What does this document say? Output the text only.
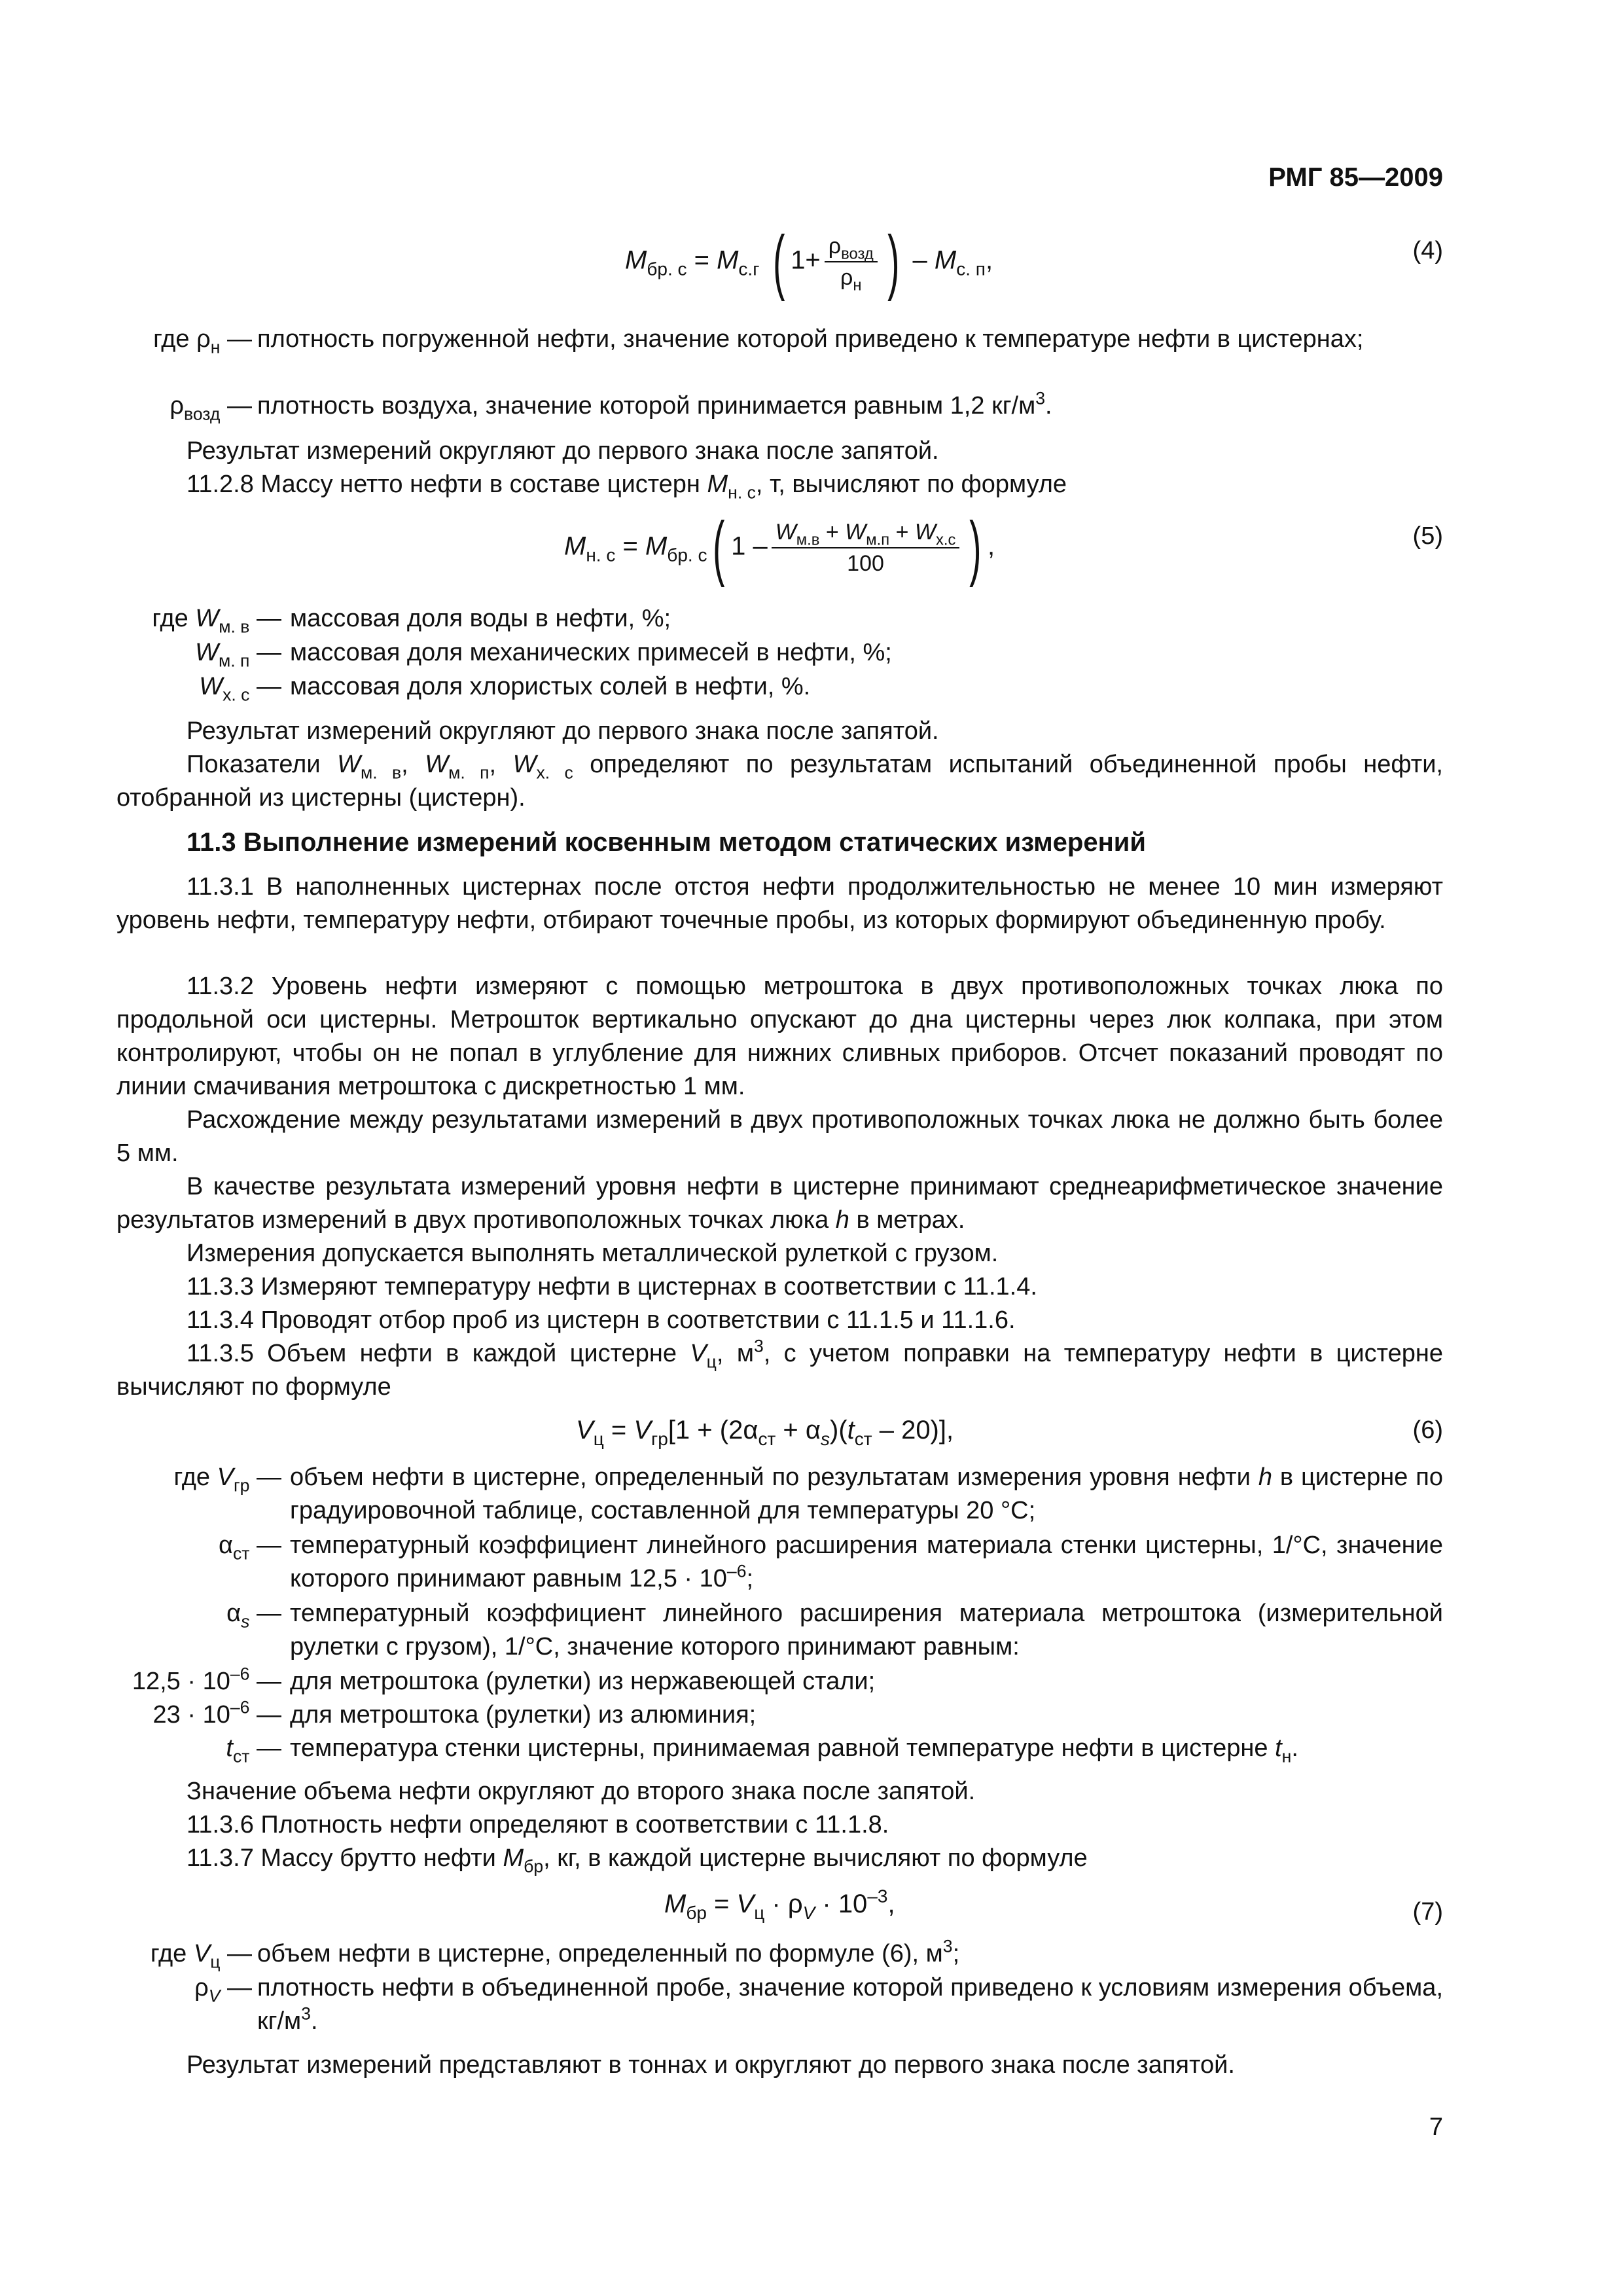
РМГ 85—2009
$M_{бр. с} = M_{с.г}$ ( $1+ \frac{\rho_{возд}}{\rho_н}$ ) – $M_{с. п}$,	(4)
где $\rho_н$ — плотность погруженной нефти, значение которой приведено к температуре нефти в цистернах;
$\rho_{возд}$ — плотность воздуха, значение которой принимается равным 1,2 $кг/м^3$.
Результат измерений округляют до первого знака после запятой.
11.2.8 Массу нетто нефти в составе цистерн $M_{н. с}$, т, вычисляют по формуле
$M_{н. с} = M_{бр. с}$( $1 - \frac{W_{м.в} + W_{м.п} + W_{х.с}}{100}$ ) ,	(5)
где $W_{м. в}$ — массовая доля воды в нефти, %;
$W_{м. п}$ — массовая доля механических примесей в нефти, %;
$W_{х. с}$ — массовая доля хлористых солей в нефти, %.
Результат измерений округляют до первого знака после запятой.
Показатели $W_{м. в}$, $W_{м. п}$, $W_{х. с}$ определяют по результатам испытаний объединенной пробы нефти, отобранной из цистерны (цистерн).
11.3 Выполнение измерений косвенным методом статических измерений
11.3.1 В наполненных цистернах после отстоя нефти продолжительностью не менее 10 мин измеряют уровень нефти, температуру нефти, отбирают точечные пробы, из которых формируют объединенную пробу.
11.3.2 Уровень нефти измеряют с помощью метроштока в двух противоположных точках люка по продольной оси цистерны. Метрошток вертикально опускают до дна цистерны через люк колпака, при этом контролируют, чтобы он не попал в углубление для нижних сливных приборов. Отсчет показаний проводят по линии смачивания метроштока с дискретностью 1 мм.
Расхождение между результатами измерений в двух противоположных точках люка не должно быть более 5 мм.
В качестве результата измерений уровня нефти в цистерне принимают среднеарифметическое значение результатов измерений в двух противоположных точках люка h в метрах.
Измерения допускается выполнять металлической рулеткой с грузом.
11.3.3 Измеряют температуру нефти в цистернах в соответствии с 11.1.4.
11.3.4 Проводят отбор проб из цистерн в соответствии с 11.1.5 и 11.1.6.
11.3.5 Объем нефти в каждой цистерне $V_ц$, $м^3$, с учетом поправки на температуру нефти в цистерне вычисляют по формуле
$V_ц = V_{гр}[1 + (2\alpha_{ст} + \alpha_s)(t_{ст} - 20)]$,	(6)
где $V_{гр}$ — объем нефти в цистерне, определенный по результатам измерения уровня нефти h в цистерне по градуировочной таблице, составленной для температуры 20 °С;
$\alpha_{ст}$ — температурный коэффициент линейного расширения материала стенки цистерны, 1/°С, значение которого принимают равным $12,5 \cdot 10^{-6}$;
$\alpha_s$ — температурный коэффициент линейного расширения материала метроштока (измерительной рулетки с грузом), 1/°С, значение которого принимают равным:
$12,5 \cdot 10^{-6}$ — для метроштока (рулетки) из нержавеющей стали;
$23 \cdot 10^{-6}$ — для метроштока (рулетки) из алюминия;
$t_{ст}$ — температура стенки цистерны, принимаемая равной температуре нефти в цистерне $t_н$.
Значение объема нефти округляют до второго знака после запятой.
11.3.6 Плотность нефти определяют в соответствии с 11.1.8.
11.3.7 Массу брутто нефти $M_{бр}$, кг, в каждой цистерне вычисляют по формуле
$M_{бр} = V_ц \cdot \rho_V \cdot 10^{-3}$,	(7)
где $V_ц$ — объем нефти в цистерне, определенный по формуле (6), $м^3$;
$\rho_V$ — плотность нефти в объединенной пробе, значение которой приведено к условиям измерения объема, $кг/м^3$.
Результат измерений представляют в тоннах и округляют до первого знака после запятой.
7
